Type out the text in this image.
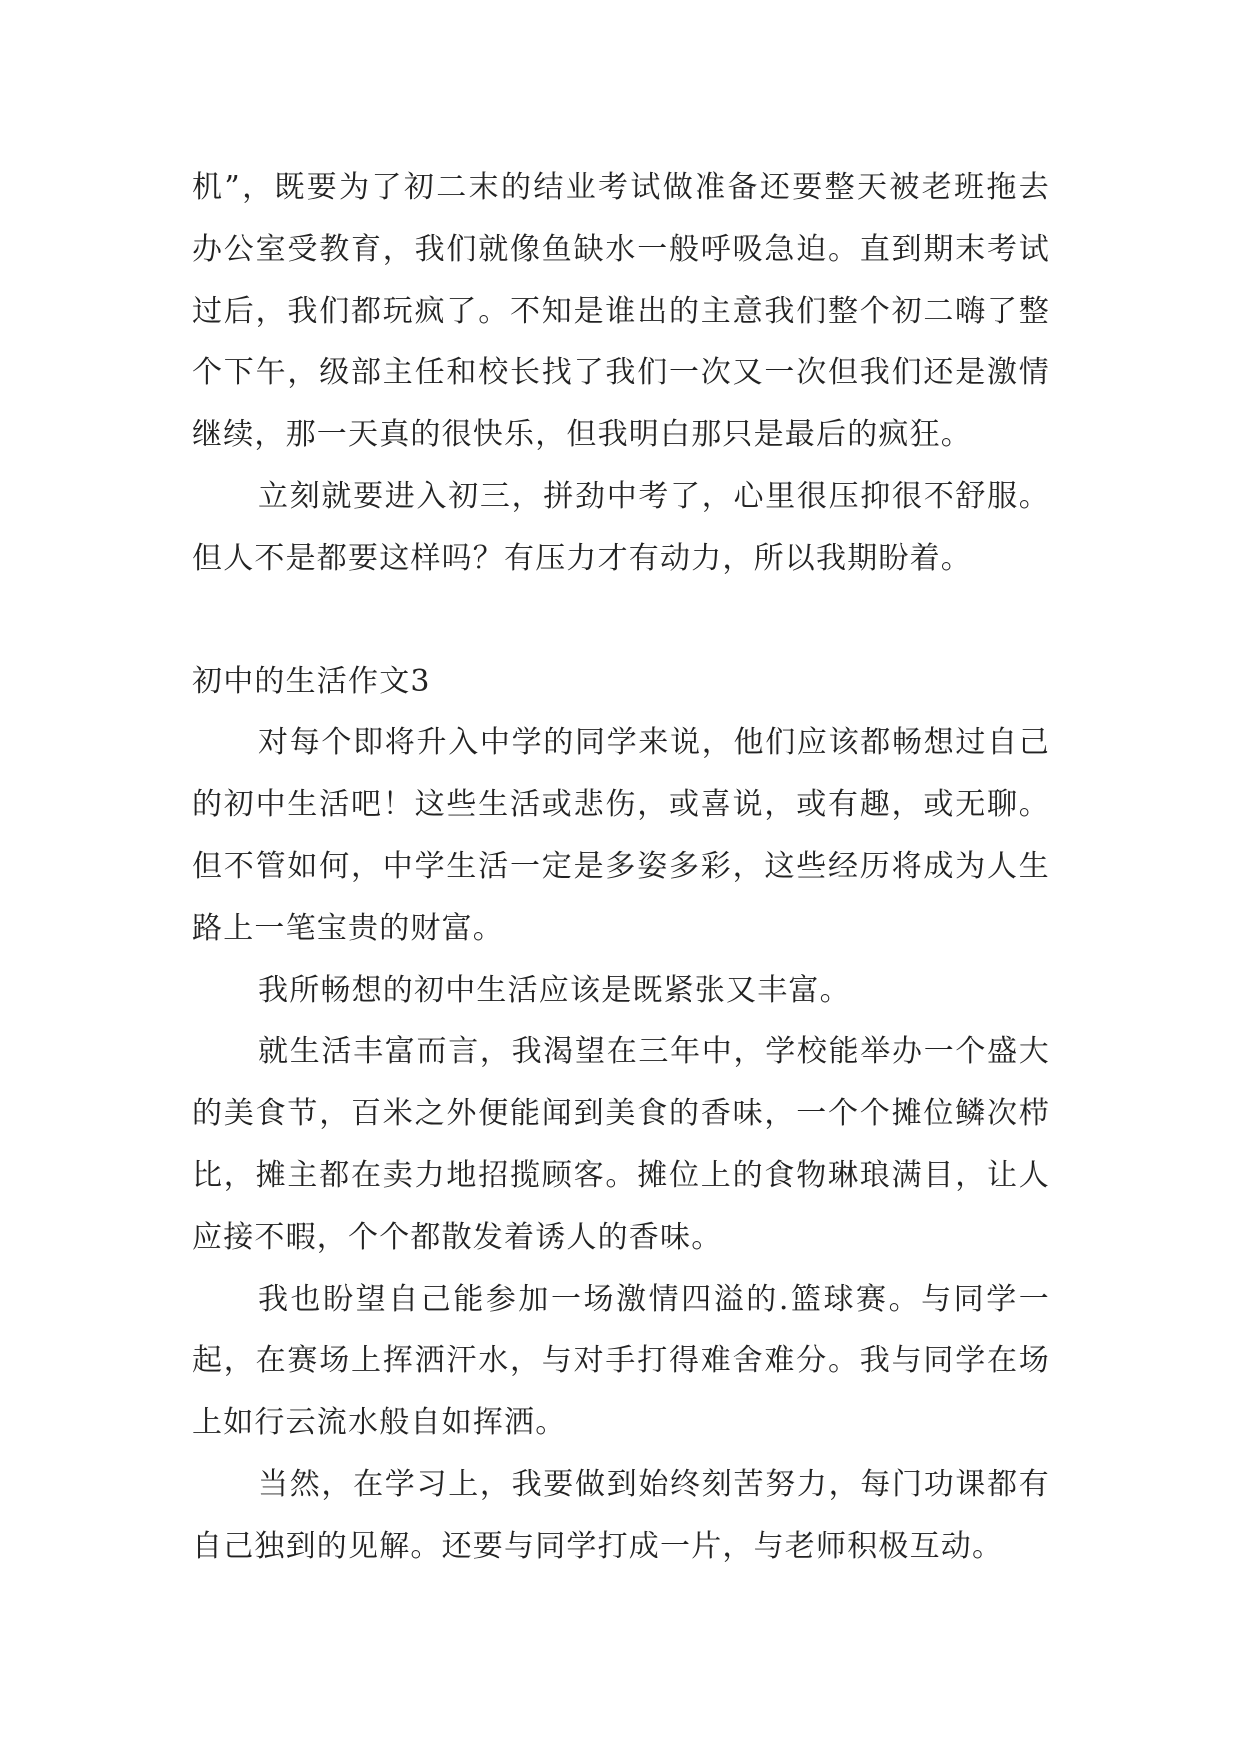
机”，既要为了初二末的结业考试做准备还要整天被老班拖去办公室受教育，我们就像鱼缺水一般呼吸急迫。直到期末考试过后，我们都玩疯了。不知是谁出的主意我们整个初二嗨了整个下午，级部主任和校长找了我们一次又一次但我们还是激情继续，那一天真的很快乐，但我明白那只是最后的疯狂。

立刻就要进入初三，拼劲中考了，心里很压抑很不舒服。但人不是都要这样吗？有压力才有动力，所以我期盼着。

初中的生活作文3

对每个即将升入中学的同学来说，他们应该都畅想过自己的初中生活吧！这些生活或悲伤，或喜说，或有趣，或无聊。但不管如何，中学生活一定是多姿多彩，这些经历将成为人生路上一笔宝贵的财富。

我所畅想的初中生活应该是既紧张又丰富。

就生活丰富而言，我渴望在三年中，学校能举办一个盛大的美食节，百米之外便能闻到美食的香味，一个个摊位鳞次栉比，摊主都在卖力地招揽顾客。摊位上的食物琳琅满目，让人应接不暇，个个都散发着诱人的香味。

我也盼望自己能参加一场激情四溢的.篮球赛。与同学一起，在赛场上挥洒汗水，与对手打得难舍难分。我与同学在场上如行云流水般自如挥洒。

当然，在学习上，我要做到始终刻苦努力，每门功课都有自己独到的见解。还要与同学打成一片，与老师积极互动。
